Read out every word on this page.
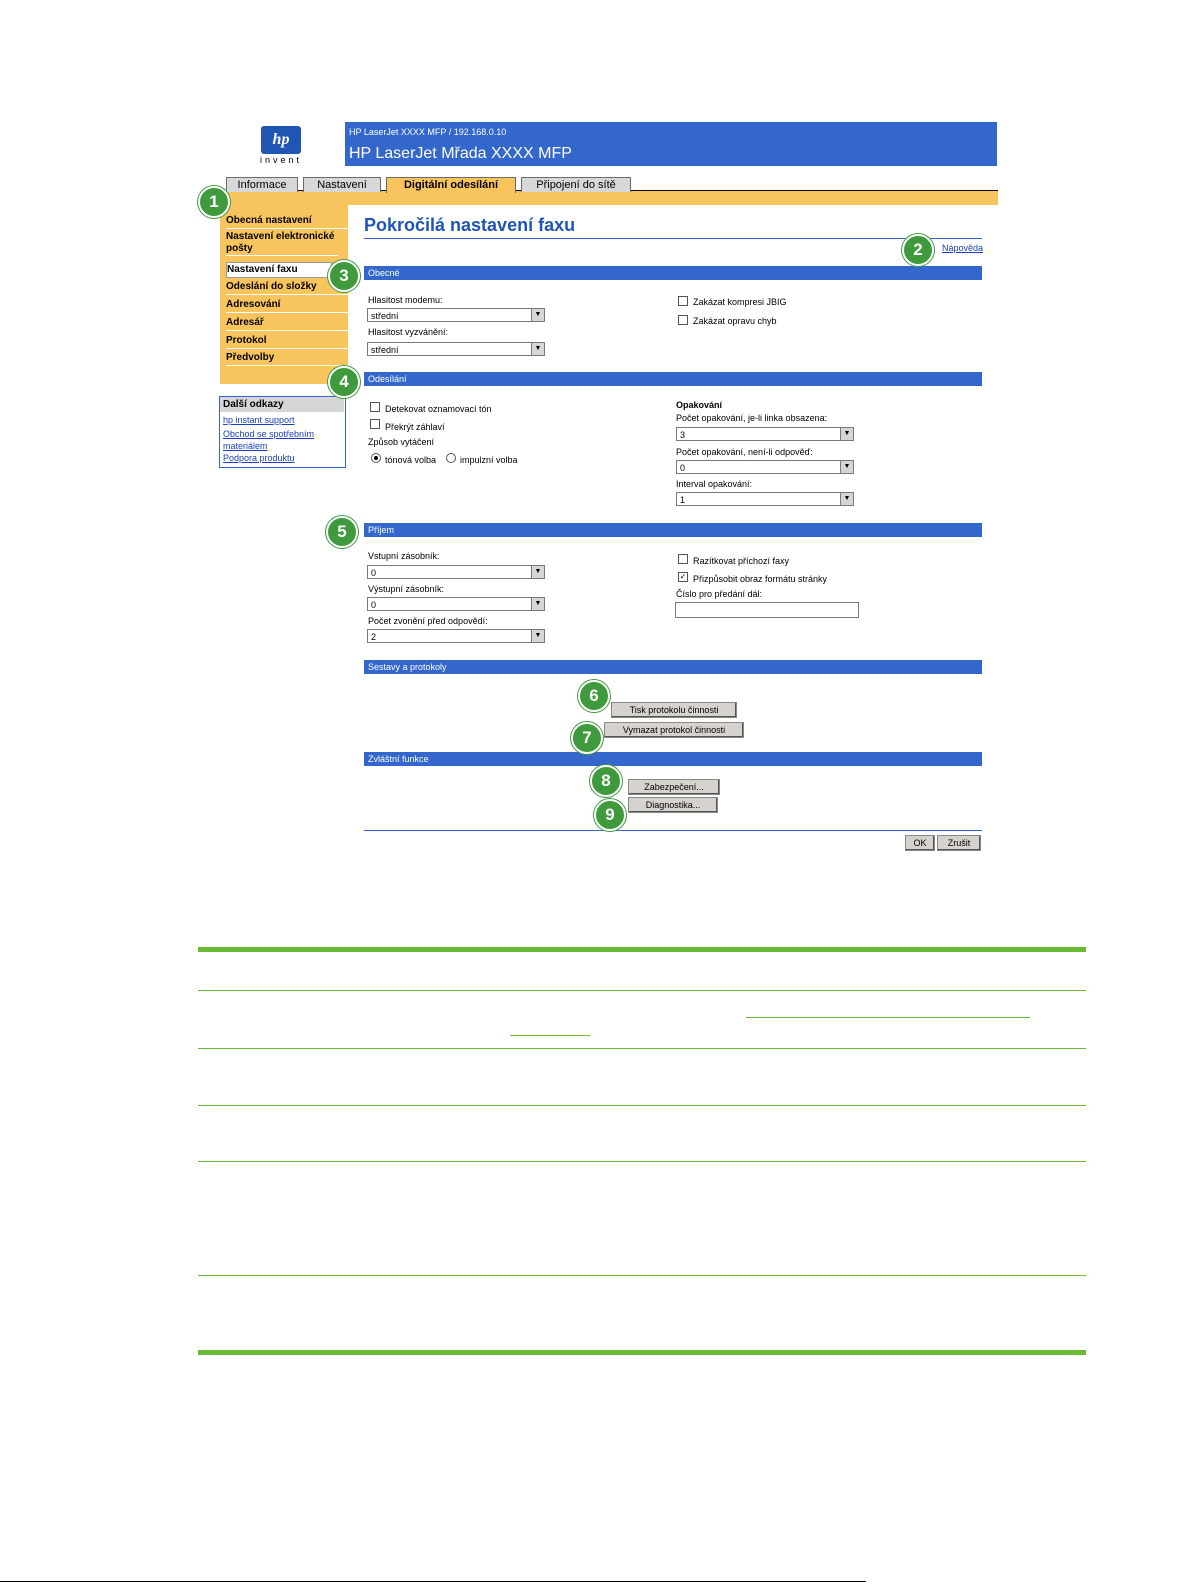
hp
invent
HP LaserJet XXXX MFP / 192.168.0.10
HP LaserJet Mřada XXXX MFP
Informace	Nastavení	Digitální odesílání	Připojení do sítě
Obecná nastavení
Nastavení elektronické pošty
Nastavení faxu
Odeslání do složky
Adresování
Adresář
Protokol
Předvolby
Další odkazy
hp instant support
Obchod se spotřebním materiálem
Podpora produktu
Pokročilá nastavení faxu
Nápověda
Obecné
Hlasitost modemu:
střední	▼
Hlasitost vyzvánění:
střední	▼
Zakázat kompresi JBIG
Zakázat opravu chyb
Odesílání
Detekovat oznamovací tón
Překrýt záhlaví
Způsob vytáčení
tónová volba	impulzní volba
Opakování
Počet opakování, je-li linka obsazena:
3	▼
Počet opakování, není-li odpověď:
0	▼
Interval opakování:
1	▼
Příjem
Vstupní zásobník:
0	▼
Výstupní zásobník:
0	▼
Počet zvonění před odpovědí:
2	▼
Razítkovat příchozí faxy
✓ Přizpůsobit obraz formátu stránky
Číslo pro předání dál:
Sestavy a protokoly
Tisk protokolu činnosti
Vymazat protokol činnosti
Zvláštní funkce
Zabezpečení...
Diagnostika...
OK	Zrušit
1
2
3
4
5
6
7
8
9
